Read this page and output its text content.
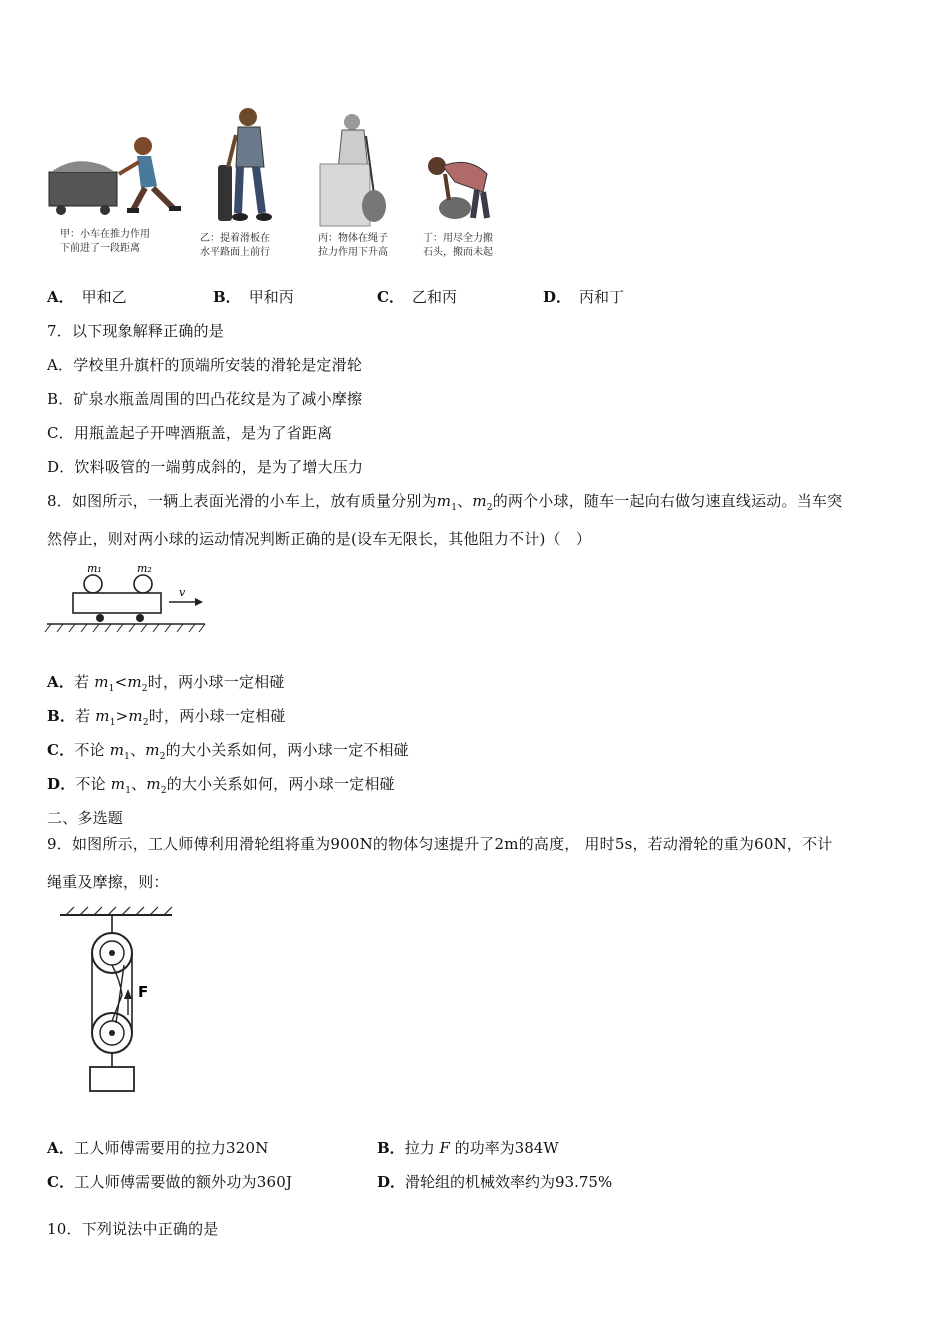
甲：小车在推力作用
下前进了一段距离
乙：提着滑板在
水平路面上前行
丙：物体在绳子
拉力作用下升高
丁：用尽全力搬
石头，搬而未起
A． 甲和乙	B． 甲和丙	C． 乙和丙	D． 丙和丁
7．以下现象解释正确的是
A．学校里升旗杆的顶端所安装的滑轮是定滑轮
B．矿泉水瓶盖周围的凹凸花纹是为了减小摩擦
C．用瓶盖起子开啤酒瓶盖，是为了省距离
D．饮料吸管的一端剪成斜的，是为了增大压力
8．如图所示，一辆上表面光滑的小车上，放有质量分别为$m_1$、$m_2$的两个小球，随车一起向右做匀速直线运动。当车突
然停止，则对两小球的运动情况判断正确的是(设车无限长，其他阻力不计)（　）
m₁	m₂
v
A．若 $m_1<m_2$时，两小球一定相碰
B．若 $m_1>m_2$时，两小球一定相碰
C．不论 $m_1$、$m_2$的大小关系如何，两小球一定不相碰
D．不论 $m_1$、$m_2$的大小关系如何，两小球一定相碰
二、多选题
9．如图所示，工人师傅利用滑轮组将重为900N的物体匀速提升了2m的高度， 用时5s，若动滑轮的重为60N，不计
绳重及摩擦，则：
F
A．工人师傅需要用的拉力320N	B．拉力 F 的功率为384W
C．工人师傅需要做的额外功为360J	D．滑轮组的机械效率约为93.75%
10．下列说法中正确的是
